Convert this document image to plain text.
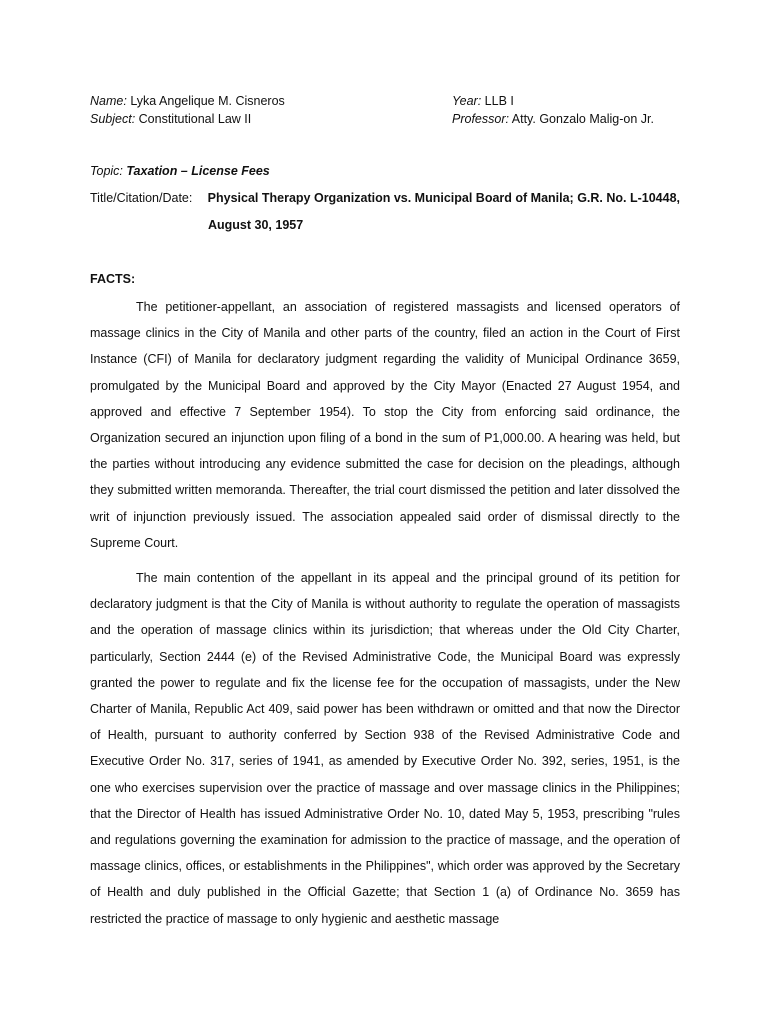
Name: Lyka Angelique M. Cisneros
Subject: Constitutional Law II
Year: LLB I
Professor: Atty. Gonzalo Malig-on Jr.
Topic: Taxation – License Fees
Title/Citation/Date: Physical Therapy Organization vs. Municipal Board of Manila; G.R. No. L-10448,
August 30, 1957
FACTS:

The petitioner-appellant, an association of registered massagists and licensed operators of massage clinics in the City of Manila and other parts of the country, filed an action in the Court of First Instance (CFI) of Manila for declaratory judgment regarding the validity of Municipal Ordinance 3659, promulgated by the Municipal Board and approved by the City Mayor (Enacted 27 August 1954, and approved and effective 7 September 1954). To stop the City from enforcing said ordinance, the Organization secured an injunction upon filing of a bond in the sum of P1,000.00. A hearing was held, but the parties without introducing any evidence submitted the case for decision on the pleadings, although they submitted written memoranda. Thereafter, the trial court dismissed the petition and later dissolved the writ of injunction previously issued. The association appealed said order of dismissal directly to the Supreme Court.

The main contention of the appellant in its appeal and the principal ground of its petition for declaratory judgment is that the City of Manila is without authority to regulate the operation of massagists and the operation of massage clinics within its jurisdiction; that whereas under the Old City Charter, particularly, Section 2444 (e) of the Revised Administrative Code, the Municipal Board was expressly granted the power to regulate and fix the license fee for the occupation of massagists, under the New Charter of Manila, Republic Act 409, said power has been withdrawn or omitted and that now the Director of Health, pursuant to authority conferred by Section 938 of the Revised Administrative Code and Executive Order No. 317, series of 1941, as amended by Executive Order No. 392, series, 1951, is the one who exercises supervision over the practice of massage and over massage clinics in the Philippines; that the Director of Health has issued Administrative Order No. 10, dated May 5, 1953, prescribing "rules and regulations governing the examination for admission to the practice of massage, and the operation of massage clinics, offices, or establishments in the Philippines", which order was approved by the Secretary of Health and duly published in the Official Gazette; that Section 1 (a) of Ordinance No. 3659 has restricted the practice of massage to only hygienic and aesthetic massage
